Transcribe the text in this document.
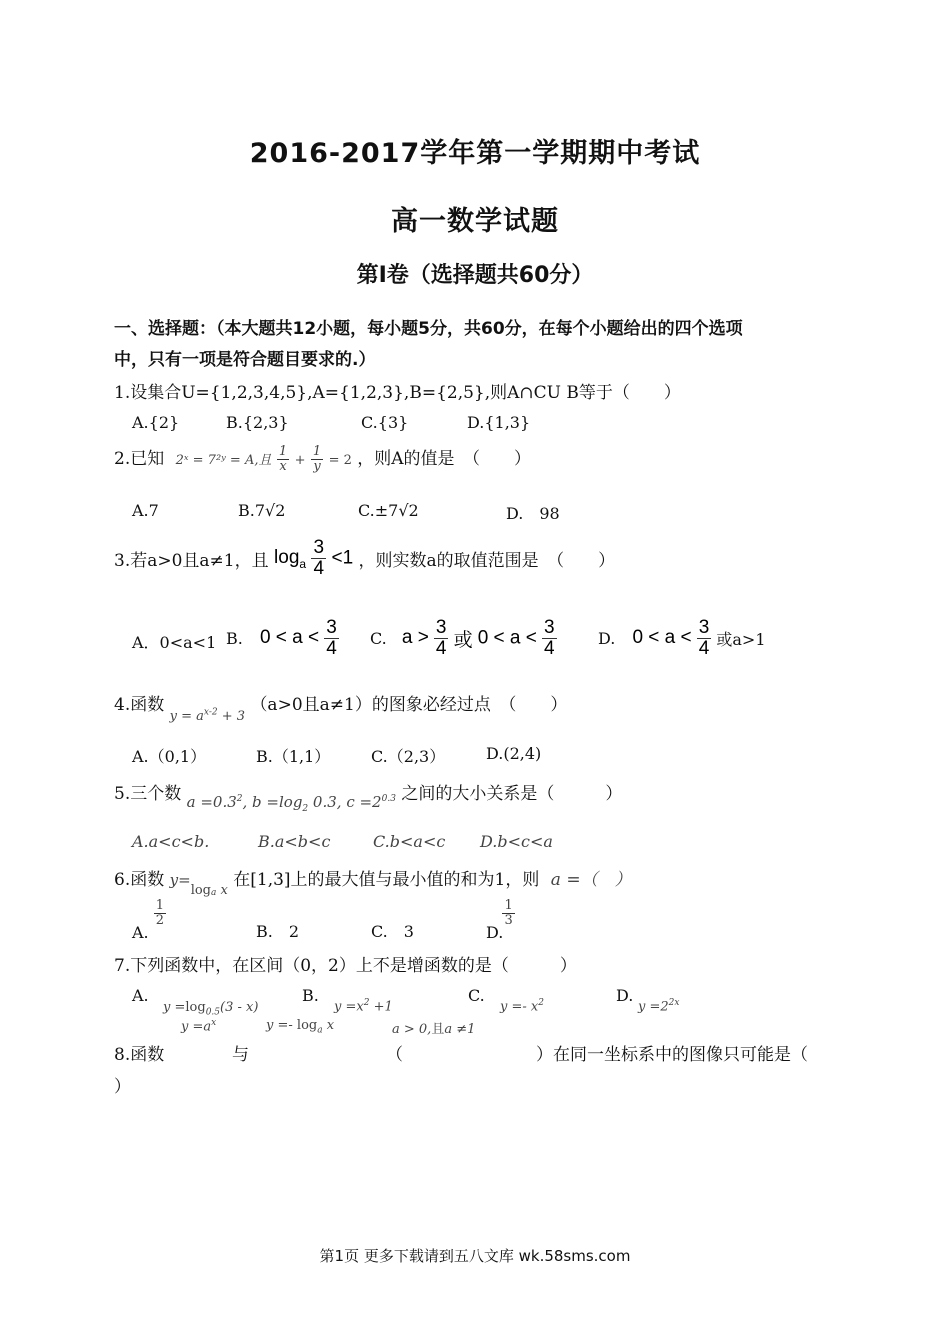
2016-2017学年第一学期期中考试
高一数学试题
第Ⅰ卷（选择题共60分）
一、选择题：（本大题共12小题，每小题5分，共60分，在每个小题给出的四个选项
中，只有一项是符合题目要求的.）
1.设集合U={1,2,3,4,5},A={1,2,3},B={2,5},则A∩CU B等于（　　）
A.{2}	B.{2,3}	C.{3}	D.{1,3}
2.已知 2ˣ = 7²ʸ = A,且 $\frac{1}{x} + \frac{1}{y} = 2$ ，则A的值是　（　　）
A.7	B.7√2	C.±7√2	D.　98
3.若a>0且a≠1，且 $\log_a \frac{3}{4} <1$ ，则实数a的取值范围是　（　　）
A．0<a<1 B. $0 < a < \frac{3}{4} C$. $a > \frac{3}{4}$ 或 $0 < a < \frac{3}{4}$	D. $0 < a < \frac{3}{4}$ 或a>1
4.函数 $_{y = a^{x-2} + 3}$ （a>0且a≠1）的图象必经过点　（　　）
A.（0,1）	B.（1,1）	C.（2,3）	D.(2,4)
5.三个数 $a =0.3^2$, $b =\log_2$ 0.3, $c =2^{0.3}$ 之间的大小关系是（　　　）
A.a<c<b.	B.a<b<c	C.b<a<c D.b<c<a
6.函数 $y=\log_a$ x 在[1,3]上的最大值与最小值的和为1，则 a =（　）
A.
$\frac{1}{2}$
B.　2	C.　3	D.
$\frac{1}{3}$
7.下列函数中，在区间（0，2）上不是增函数的是（　　　）
A.
$y =\log_{0.5}(3 - x)$
B.
$y =x^2 +1$
C.
$y =- x^2$	D.
$y =2^{2x}$
$y =a^x$	$y =- \log_a x$	a > 0,且a ≠1
8.函数	与	（	）在同一坐标系中的图像只可能是（
）
第1页 更多下载请到五八文库 wk.58sms.com
